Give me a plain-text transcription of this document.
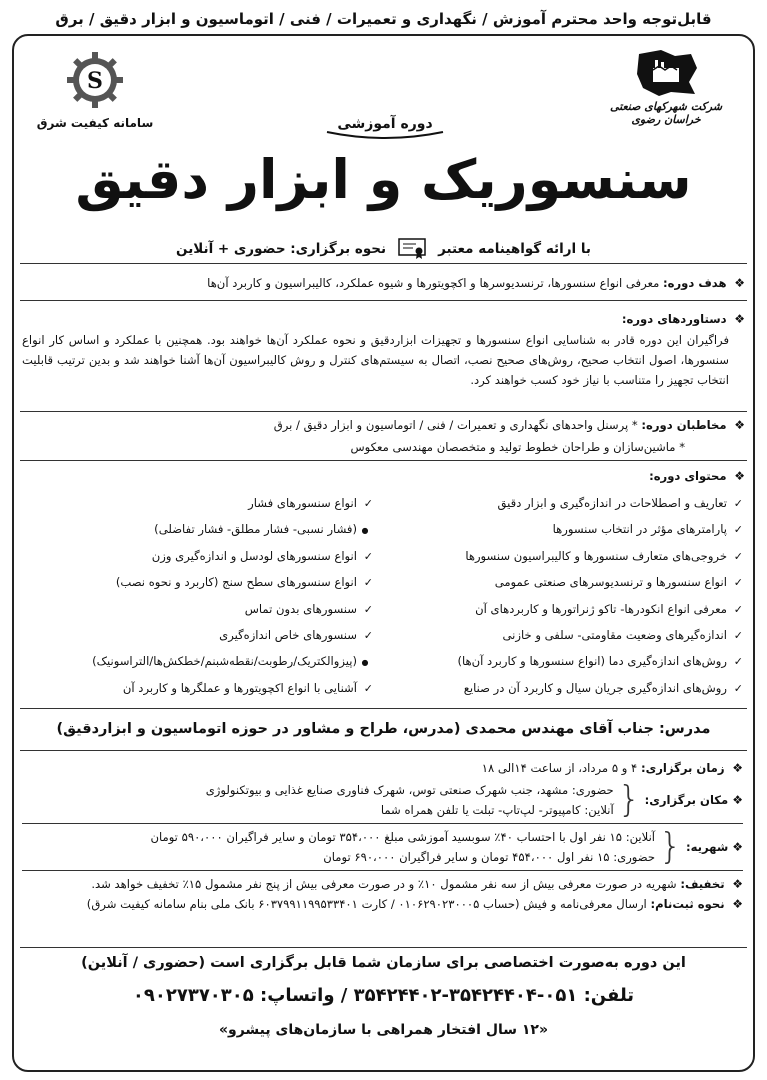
قابل‌توجه واحد محترم آموزش / نگهداری و تعمیرات / فنی / اتوماسیون و ابزار دقیق / برق
شرکت شهرکهای صنعتی خراسان رضوی
S
سامانه کیفیت شرق	دوره آموزشی
سنسوریک و ابزار دقیق
با ارائه گواهینامه معتبر
نحوه برگزاری: حضوری + آنلاین
❖ هدف دوره: معرفی انواع سنسورها، ترنسدیوسرها و اکچویتورها و شیوه عملکرد، کالیبراسیون و کاربرد آن‌ها
❖ دستاوردهای دوره:
فراگیران این دوره قادر به شناسایی انواع سنسورها و تجهیزات ابزاردقیق و نحوه عملکرد آن‌ها خواهند بود. همچنین با عملکرد و اساس کار انواع سنسورها، اصول انتخاب صحیح، روش‌های صحیح نصب، اتصال به سیستم‌های کنترل و روش کالیبراسیون آن‌ها آشنا خواهند شد و بدین ترتیب قابلیت انتخاب تجهیز را متناسب با نیاز خود کسب خواهند کرد.
❖ مخاطبان دوره: * پرسنل واحدهای نگهداری و تعمیرات / فنی / اتوماسیون و ابزار دقیق / برق
* ماشین‌سازان و طراحان خطوط تولید و متخصصان مهندسی معکوس
❖ محتوای دوره:
✓تعاریف و اصطلاحات در اندازه‌گیری و ابزار دقیق
✓پارامترهای مؤثر در انتخاب سنسورها
✓خروجی‌های متعارف سنسورها و کالیبراسیون سنسورها
✓انواع سنسورها و ترنسدیوسرهای صنعتی عمومی
✓معرفی انواع انکودرها- تاکو ژنراتورها و کاربردهای آن
✓اندازه‌گیرهای وضعیت مقاومتی- سلفی و خازنی
✓روش‌های اندازه‌گیری دما (انواع سنسورها و کاربرد آن‌ها)
✓روش‌های اندازه‌گیری جریان سیال و کاربرد آن در صنایع
✓انواع سنسورهای فشار
●(فشار نسبی- فشار مطلق- فشار تفاضلی)
✓انواع سنسورهای لودسل و اندازه‌گیری وزن
✓انواع سنسورهای سطح سنج (کاربرد و نحوه نصب)
✓سنسورهای بدون تماس
✓سنسورهای خاص اندازه‌گیری
●(پیزوالکتریک/رطوبت/نقطه‌شبنم/خطکش‌ها/التراسونیک)
✓آشنایی با انواع اکچویتورها و عملگرها و کاربرد آن
مدرس: جناب آقای مهندس محمدی (مدرس، طراح و مشاور در حوزه اتوماسیون و ابزاردقیق)
❖ زمان برگزاری: ۴ و ۵ مرداد، از ساعت ۱۴الی ۱۸
❖
مکان برگزاری:
{
حضوری: مشهد، جنب شهرک صنعتی توس، شهرک فناوری صنایع غذایی و بیوتکنولوژی
آنلاین: کامپیوتر- لپ‌تاپ- تبلت یا تلفن همراه شما
❖
شهریه:
{
آنلاین: ۱۵ نفر اول با احتساب ۴۰٪ سوبسید آموزشی مبلغ ۳۵۴،۰۰۰ تومان و سایر فراگیران ۵۹۰،۰۰۰ تومان
حضوری: ۱۵ نفر اول ۴۵۴،۰۰۰ تومان و سایر فراگیران ۶۹۰،۰۰۰ تومان
❖ تخفیف: شهریه در صورت معرفی بیش از سه نفر مشمول ۱۰٪ و در صورت معرفی بیش از پنج نفر مشمول ۱۵٪ تخفیف خواهد شد.
❖ نحوه ثبت‌نام: ارسال معرفی‌نامه و فیش (حساب ۰۱۰۶۲۹۰۲۳۰۰۰۵ / کارت ۶۰۳۷۹۹۱۱۹۹۵۳۳۴۰۱ بانک ملی بنام سامانه کیفیت شرق)
این دوره به‌صورت اختصاصی برای سازمان شما قابل برگزاری است (حضوری / آنلاین)
تلفن: ۰۵۱-۳۵۴۲۴۴۰۴-۳۵۴۲۴۴۰۲ / واتساپ: ۰۹۰۲۷۳۷۰۳۰۵
«۱۲ سال افتخار همراهی با سازمان‌های پیشرو»
